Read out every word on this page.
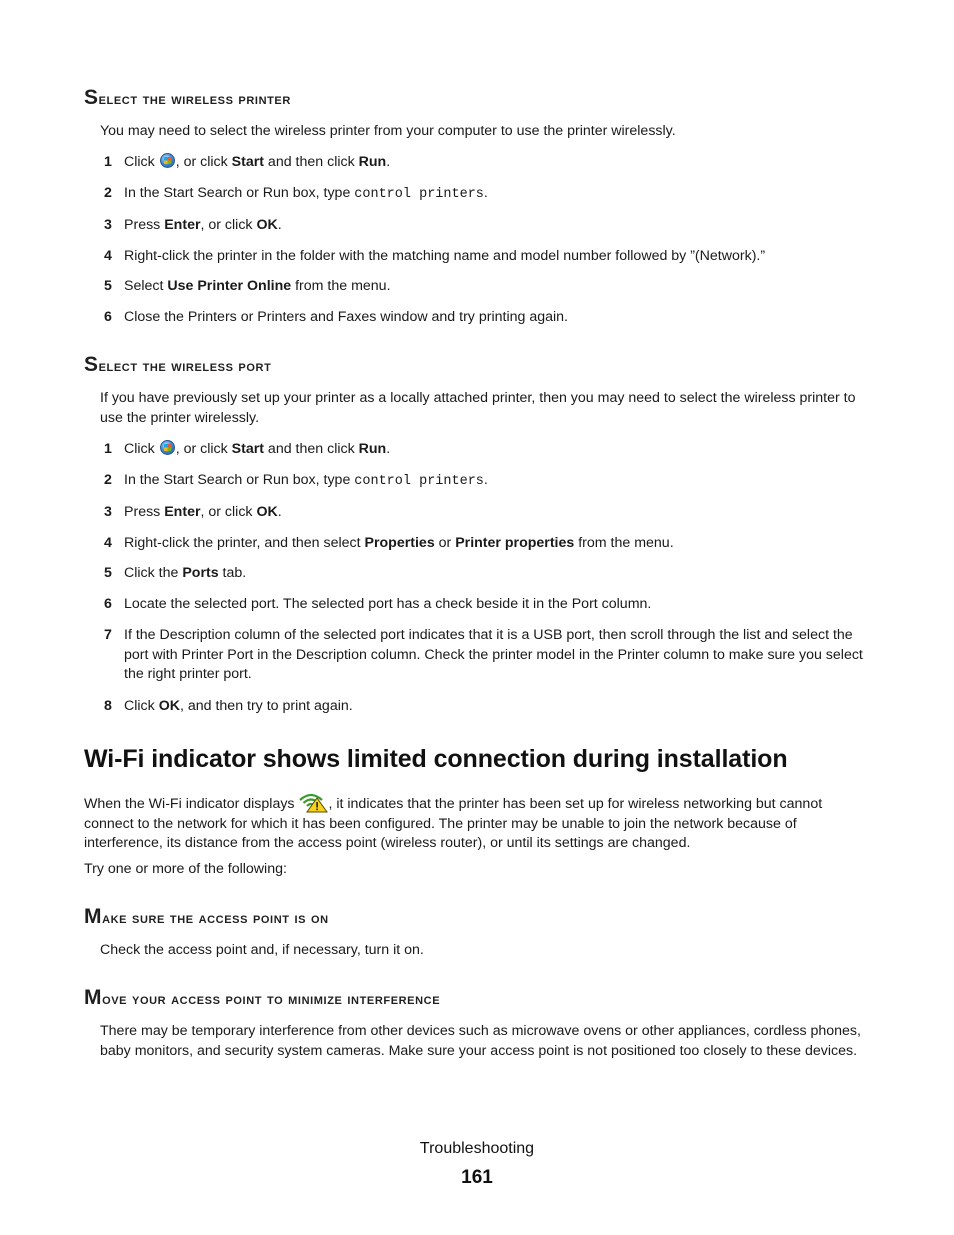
Select the wireless printer

You may need to select the wireless printer from your computer to use the printer wirelessly.

1 Click , or click Start and then click Run.
2 In the Start Search or Run box, type control printers.
3 Press Enter, or click OK.
4 Right-click the printer in the folder with the matching name and model number followed by ”(Network).”
5 Select Use Printer Online from the menu.
6 Close the Printers or Printers and Faxes window and try printing again.
Select the wireless port

If you have previously set up your printer as a locally attached printer, then you may need to select the wireless printer to use the printer wirelessly.

1 Click , or click Start and then click Run.
2 In the Start Search or Run box, type control printers.
3 Press Enter, or click OK.
4 Right-click the printer, and then select Properties or Printer properties from the menu.
5 Click the Ports tab.
6 Locate the selected port. The selected port has a check beside it in the Port column.
7 If the Description column of the selected port indicates that it is a USB port, then scroll through the list and select the port with Printer Port in the Description column. Check the printer model in the Printer column to make sure you select the right printer port.
8 Click OK, and then try to print again.
Wi-Fi indicator shows limited connection during installation

When the Wi-Fi indicator displays , it indicates that the printer has been set up for wireless networking but cannot connect to the network for which it has been configured. The printer may be unable to join the network because of interference, its distance from the access point (wireless router), or until its settings are changed.

Try one or more of the following:

Make sure the access point is on

Check the access point and, if necessary, turn it on.

Move your access point to minimize interference

There may be temporary interference from other devices such as microwave ovens or other appliances, cordless phones, baby monitors, and security system cameras. Make sure your access point is not positioned too closely to these devices.

Troubleshooting
161
